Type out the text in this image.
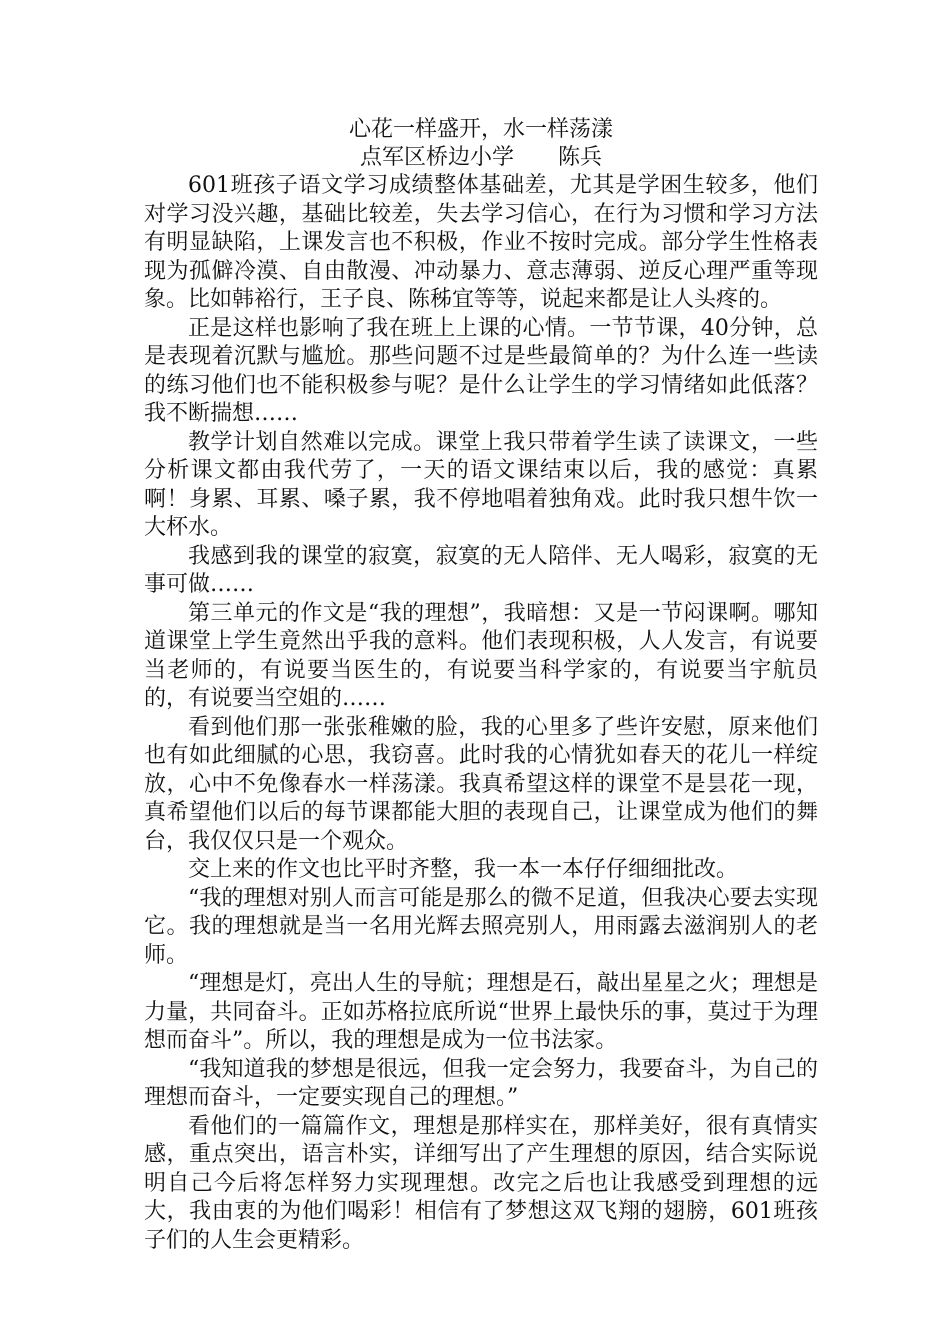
心花一样盛开，水一样荡漾

点军区桥边小学 陈兵

601班孩子语文学习成绩整体基础差，尤其是学困生较多，他们对学习没兴趣，基础比较差，失去学习信心，在行为习惯和学习方法有明显缺陷，上课发言也不积极，作业不按时完成。部分学生性格表现为孤僻冷漠、自由散漫、冲动暴力、意志薄弱、逆反心理严重等现象。比如韩裕行，王子良、陈秭宜等等，说起来都是让人头疼的。

正是这样也影响了我在班上上课的心情。一节节课，40分钟，总是表现着沉默与尴尬。那些问题不过是些最简单的？为什么连一些读的练习他们也不能积极参与呢？是什么让学生的学习情绪如此低落？我不断揣想……

教学计划自然难以完成。课堂上我只带着学生读了读课文，一些分析课文都由我代劳了，一天的语文课结束以后，我的感觉：真累啊！身累、耳累、嗓子累，我不停地唱着独角戏。此时我只想牛饮一大杯水。

我感到我的课堂的寂寞，寂寞的无人陪伴、无人喝彩，寂寞的无事可做……

第三单元的作文是“我的理想”，我暗想：又是一节闷课啊。哪知道课堂上学生竟然出乎我的意料。他们表现积极，人人发言，有说要当老师的，有说要当医生的，有说要当科学家的，有说要当宇航员的，有说要当空姐的……

看到他们那一张张稚嫩的脸，我的心里多了些许安慰，原来他们也有如此细腻的心思，我窃喜。此时我的心情犹如春天的花儿一样绽放，心中不免像春水一样荡漾。我真希望这样的课堂不是昙花一现，真希望他们以后的每节课都能大胆的表现自己，让课堂成为他们的舞台，我仅仅只是一个观众。

交上来的作文也比平时齐整，我一本一本仔仔细细批改。

“我的理想对别人而言可能是那么的微不足道，但我决心要去实现它。我的理想就是当一名用光辉去照亮别人，用雨露去滋润别人的老师。

“理想是灯，亮出人生的导航；理想是石，敲出星星之火；理想是力量，共同奋斗。正如苏格拉底所说“世界上最快乐的事，莫过于为理想而奋斗”。所以，我的理想是成为一位书法家。

“我知道我的梦想是很远，但我一定会努力，我要奋斗，为自己的理想而奋斗，一定要实现自己的理想。”

看他们的一篇篇作文，理想是那样实在，那样美好，很有真情实感，重点突出，语言朴实，详细写出了产生理想的原因，结合实际说明自己今后将怎样努力实现理想。改完之后也让我感受到理想的远大，我由衷的为他们喝彩！相信有了梦想这双飞翔的翅膀，601班孩子们的人生会更精彩。
